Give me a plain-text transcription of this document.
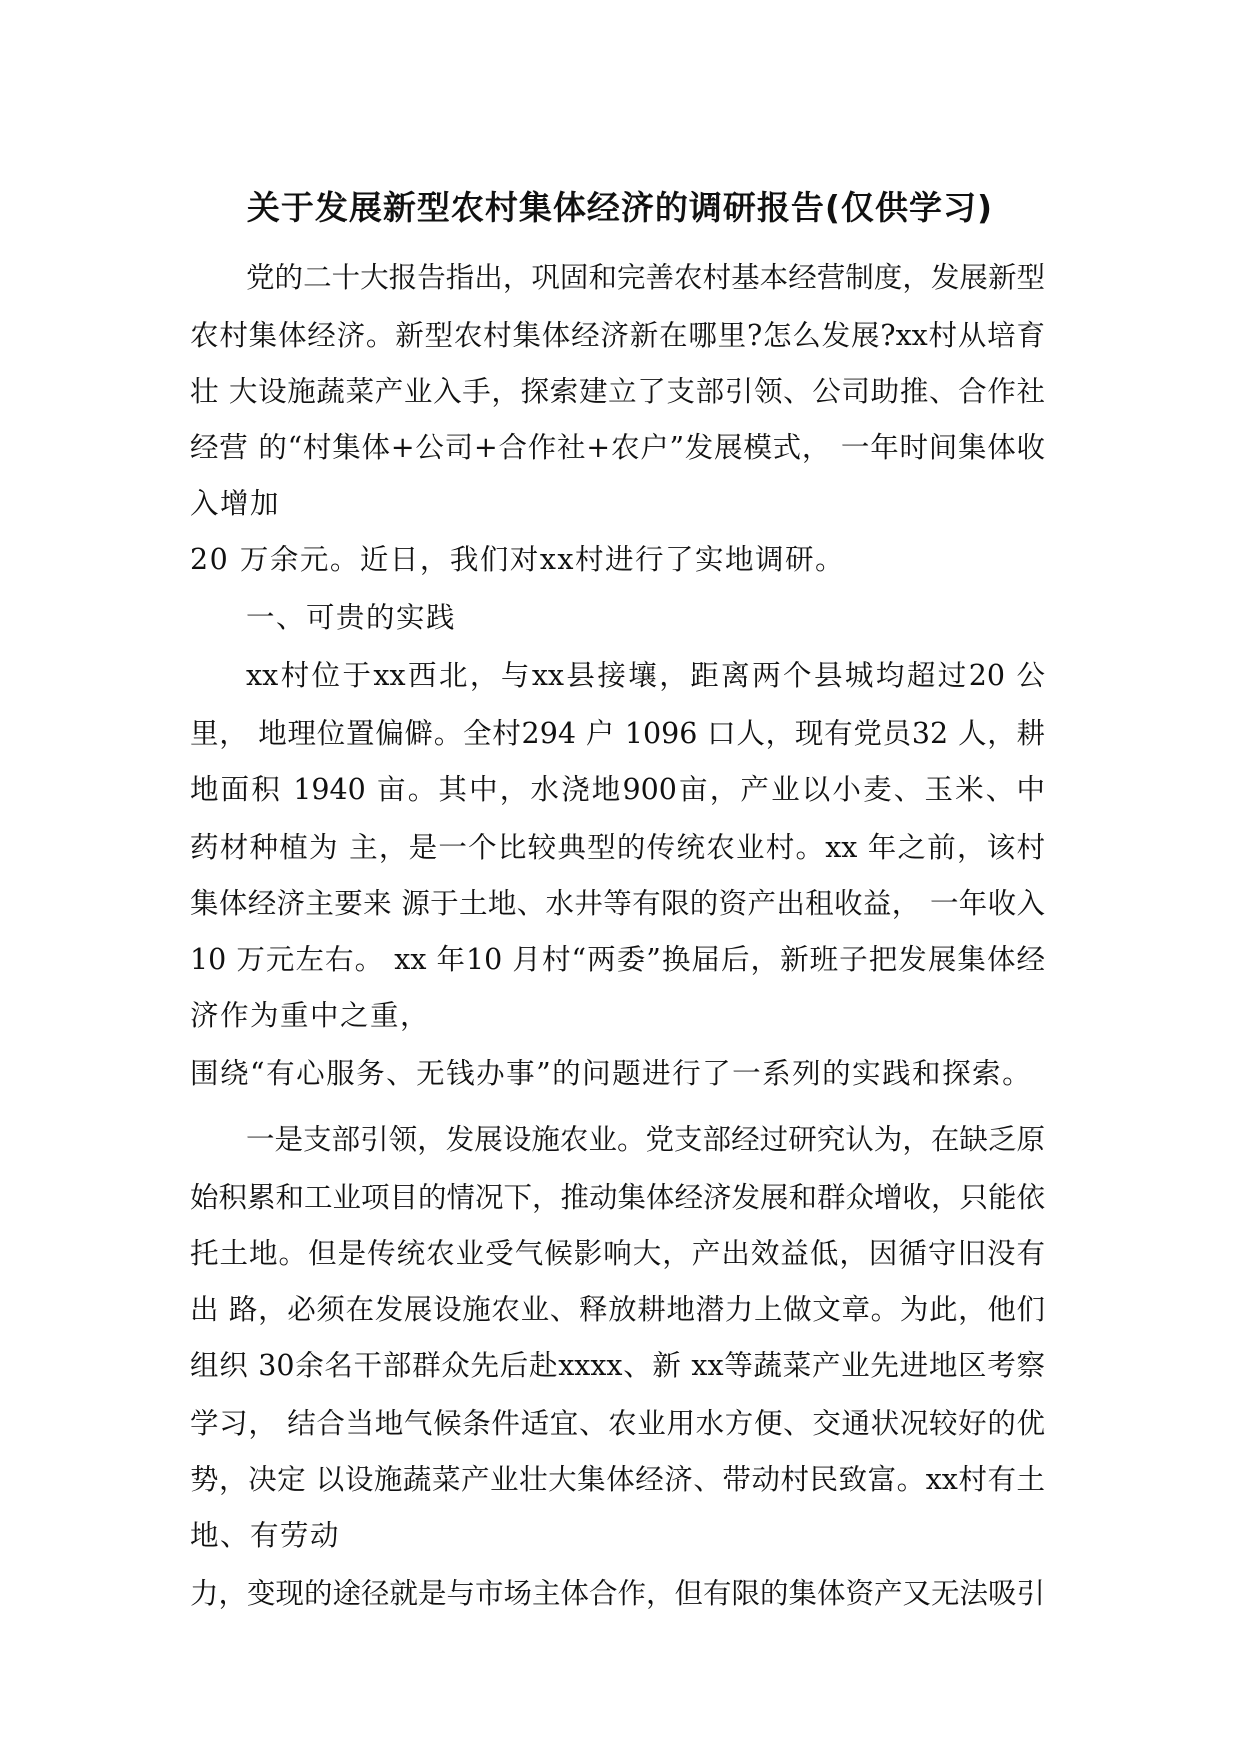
关于发展新型农村集体经济的调研报告(仅供学习)
党的二十大报告指出，巩固和完善农村基本经营制度，发展新型
农村集体经济。新型农村集体经济新在哪里?怎么发展?xx村从培育
壮 大设施蔬菜产业入手，探索建立了支部引领、公司助推、合作社
经营 的“村集体+公司+合作社+农户”发展模式， 一年时间集体收
入增加
20 万余元。近日，我们对xx村进行了实地调研。
一、可贵的实践
xx村位于xx西北，与xx县接壤，距离两个县城均超过20 公
里， 地理位置偏僻。全村294 户 1096 口人，现有党员32 人，耕
地面积 1940 亩。其中，水浇地900亩，产业以小麦、玉米、中
药材种植为 主，是一个比较典型的传统农业村。xx 年之前，该村
集体经济主要来 源于土地、水井等有限的资产出租收益， 一年收入
10 万元左右。 xx 年10 月村“两委”换届后，新班子把发展集体经
济作为重中之重，
围绕“有心服务、无钱办事”的问题进行了一系列的实践和探索。
一是支部引领，发展设施农业。党支部经过研究认为，在缺乏原
始积累和工业项目的情况下，推动集体经济发展和群众增收，只能依
托土地。但是传统农业受气候影响大，产出效益低，因循守旧没有
出 路，必须在发展设施农业、释放耕地潜力上做文章。为此，他们
组织 30余名干部群众先后赴xxxx、新 xx等蔬菜产业先进地区考察
学习， 结合当地气候条件适宜、农业用水方便、交通状况较好的优
势，决定 以设施蔬菜产业壮大集体经济、带动村民致富。xx村有土
地、有劳动
力，变现的途径就是与市场主体合作，但有限的集体资产又无法吸引
